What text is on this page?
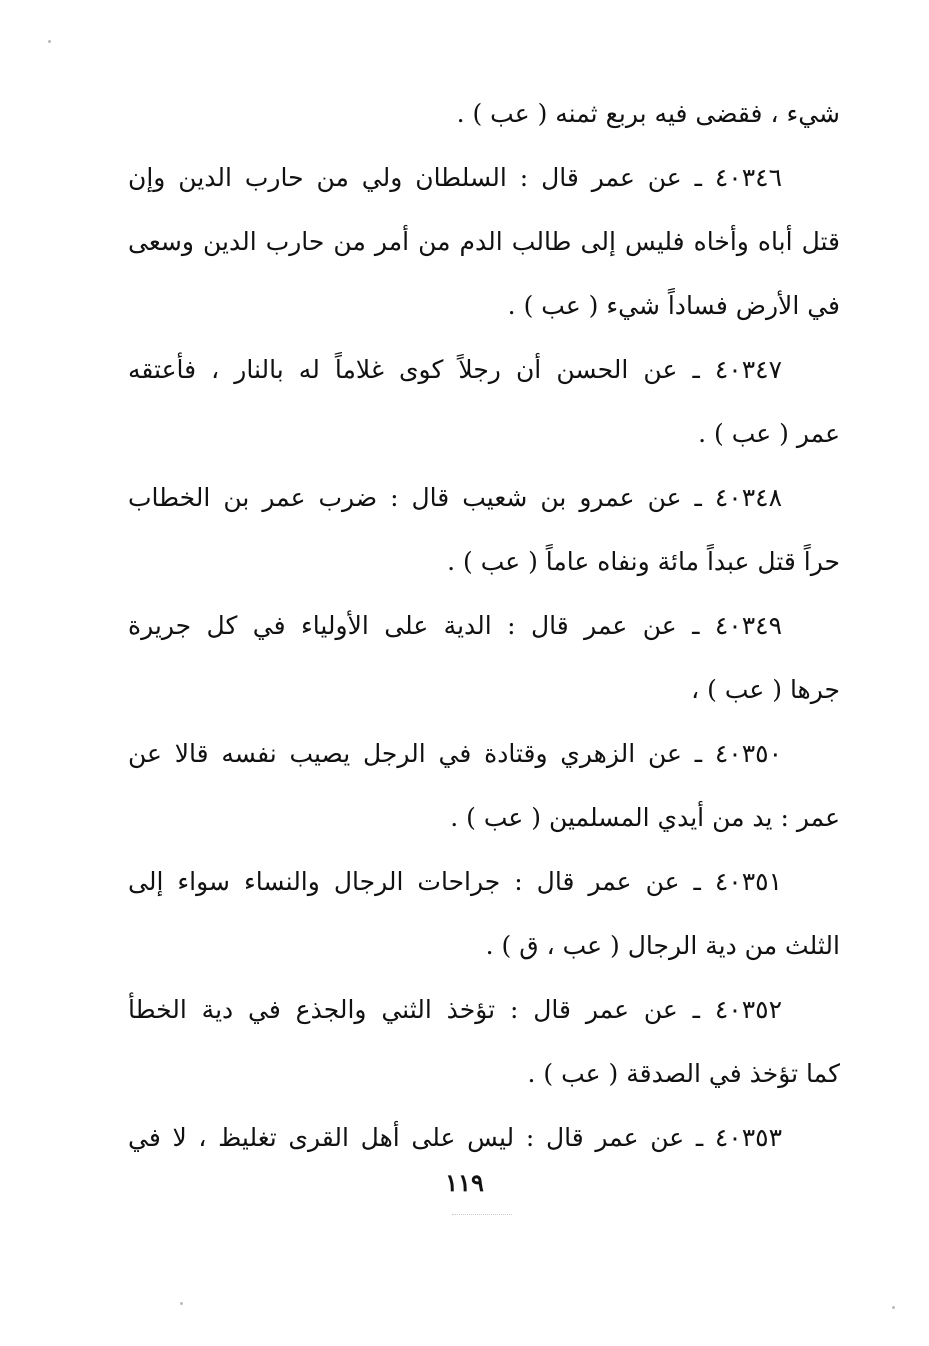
شيء ، فقضى فيه بربع ثمنه ( عب ) .
٤٠٣٤٦ ـ عن عمر قال : السلطان ولي من حارب الدين وإن
قتل أباه وأخاه فليس إلى طالب الدم من أمر من حارب الدين وسعى
في الأرض فساداً شيء ( عب ) .
٤٠٣٤٧ ـ عن الحسن أن رجلاً كوى غلاماً له بالنار ، فأعتقه
عمر ( عب ) .
٤٠٣٤٨ ـ عن عمرو بن شعيب قال : ضرب عمر بن الخطاب
حراً قتل عبداً مائة ونفاه عاماً ( عب ) .
٤٠٣٤٩ ـ عن عمر قال : الدية على الأولياء في كل جريرة
جرها ( عب ) ،
٤٠٣٥٠ ـ عن الزهري وقتادة في الرجل يصيب نفسه قالا عن
عمر : يد من أيدي المسلمين ( عب ) .
٤٠٣٥١ ـ عن عمر قال : جراحات الرجال والنساء سواء إلى
الثلث من دية الرجال ( عب ، ق ) .
٤٠٣٥٢ ـ عن عمر قال : تؤخذ الثني والجذع في دية الخطأ
كما تؤخذ في الصدقة ( عب ) .
٤٠٣٥٣ ـ عن عمر قال : ليس على أهل القرى تغليظ ، لا في
١١٩
